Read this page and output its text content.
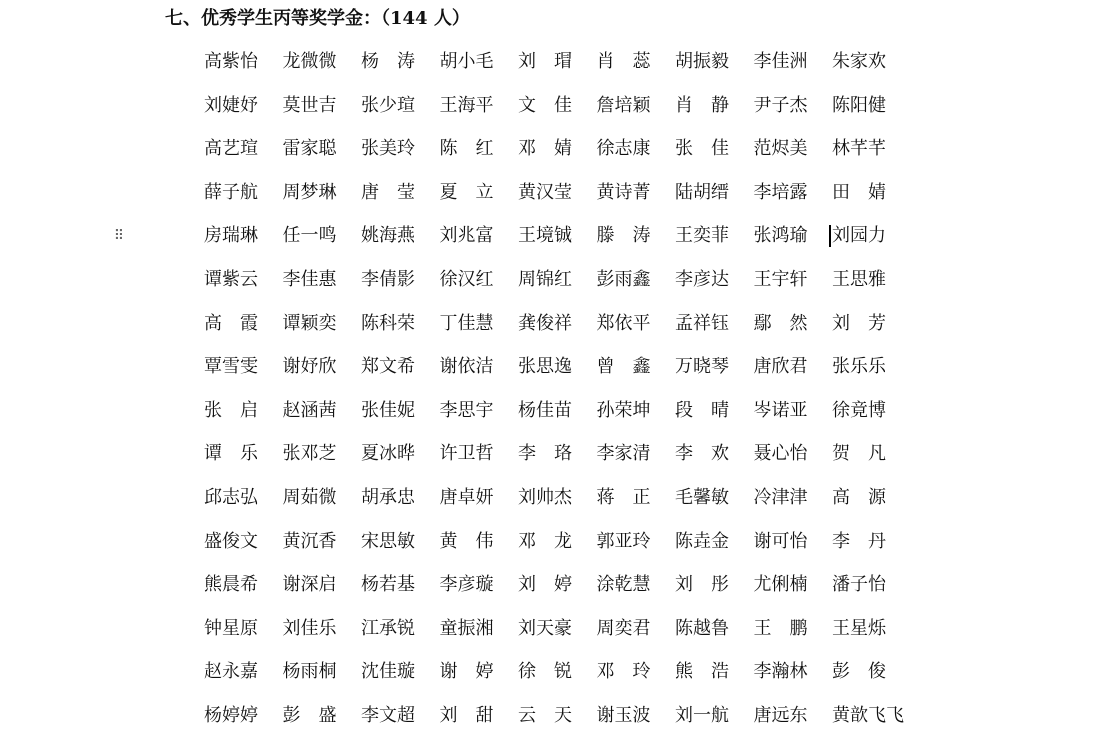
七、优秀学生丙等奖学金：（144 人）
⠿
高紫怡	龙微微	杨　涛	胡小毛	刘　瑁	肖　蕊	胡振毅	李佳洲	朱家欢
刘婕妤	莫世吉	张少瑄	王海平	文　佳	詹培颖	肖　静	尹子杰	陈阳健
高艺瑄	雷家聪	张美玲	陈　红	邓　婧	徐志康	张　佳	范烬美	林芊芊
薛子航	周梦琳	唐　莹	夏　立	黄汉莹	黄诗菁	陆胡缙	李培露	田　婧
房瑞琳	任一鸣	姚海燕	刘兆富	王境铖	滕　涛	王奕菲	张鸿瑜	刘园力
谭紫云	李佳惠	李倩影	徐汉红	周锦红	彭雨鑫	李彦达	王宇轩	王思雅
高　霞	谭颖奕	陈科荣	丁佳慧	龚俊祥	郑依平	孟祥钰	鄢　然	刘　芳
覃雪雯	谢妤欣	郑文希	谢依洁	张思逸	曾　鑫	万晓琴	唐欣君	张乐乐
张　启	赵涵茜	张佳妮	李思宇	杨佳苗	孙荣坤	段　晴	岑诺亚	徐竟博
谭　乐	张邓芝	夏冰晔	许卫哲	李　珞	李家清	李　欢	聂心怡	贺　凡
邱志弘	周茹微	胡承忠	唐卓妍	刘帅杰	蒋　正	毛馨敏	冷津津	高　源
盛俊文	黄沉香	宋思敏	黄　伟	邓　龙	郭亚玲	陈垚金	谢可怡	李　丹
熊晨希	谢深启	杨若基	李彦璇	刘　婷	涂乾慧	刘　彤	尤俐楠	潘子怡
钟星原	刘佳乐	江承锐	童振湘	刘天豪	周奕君	陈越鲁	王　鹏	王星烁
赵永嘉	杨雨桐	沈佳璇	谢　婷	徐　锐	邓　玲	熊　浩	李瀚林	彭　俊
杨婷婷	彭　盛	李文超	刘　甜	云　天	谢玉波	刘一航	唐远东	黄歆飞飞
